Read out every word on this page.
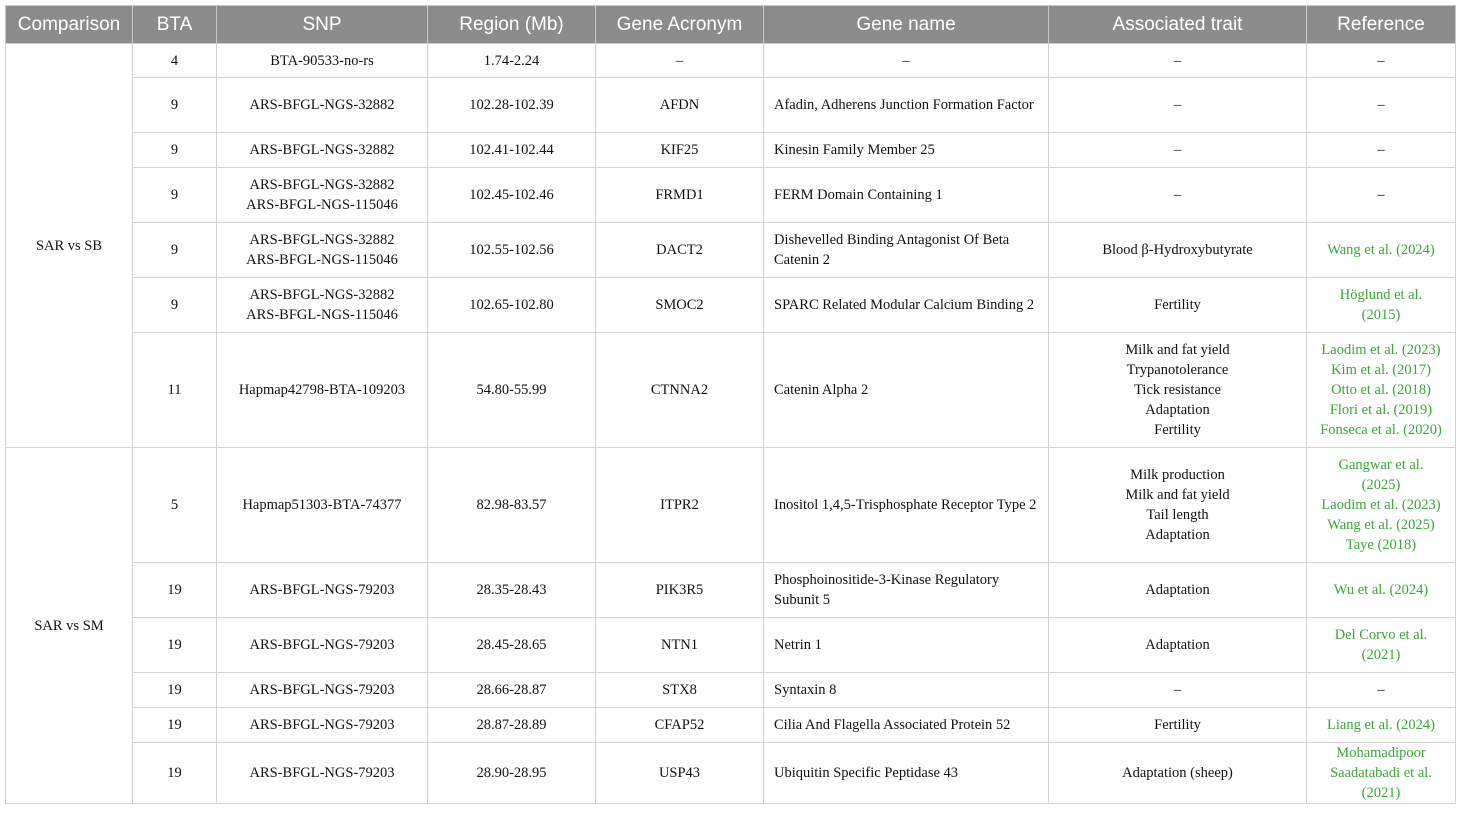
Comparison	BTA	SNP	Region (Mb)	Gene Acronym	Gene name	Associated trait	Reference
SAR vs SB	4	BTA-90533-no-rs	1.74-2.24	–	–	–	–

	9	ARS-BFGL-NGS-32882	102.28-102.39	AFDN	Afadin, Adherens Junction Formation Factor	–	–

	9	ARS-BFGL-NGS-32882	102.41-102.44	KIF25	Kinesin Family Member 25	–	–

	9	ARS-BFGL-NGS-32882
ARS-BFGL-NGS-115046	102.45-102.46	FRMD1	FERM Domain Containing 1	–	–

	9	ARS-BFGL-NGS-32882
ARS-BFGL-NGS-115046	102.55-102.56	DACT2	Dishevelled Binding Antagonist Of Beta Catenin 2	Blood β-Hydroxybutyrate	Wang et al. (2024)

	9	ARS-BFGL-NGS-32882
ARS-BFGL-NGS-115046	102.65-102.80	SMOC2	SPARC Related Modular Calcium Binding 2	Fertility	Höglund et al.
(2015)

	11	Hapmap42798-BTA-109203	54.80-55.99	CTNNA2	Catenin Alpha 2	Milk and fat yield
Trypanotolerance
Tick resistance
Adaptation
Fertility	Laodim et al. (2023)
Kim et al. (2017)
Otto et al. (2018)
Flori et al. (2019)
Fonseca et al. (2020)

SAR vs SM	5	Hapmap51303-BTA-74377	82.98-83.57	ITPR2	Inositol 1,4,5-Trisphosphate Receptor Type 2	Milk production
Milk and fat yield
Tail length
Adaptation	Gangwar et al.
(2025)
Laodim et al. (2023)
Wang et al. (2025)
Taye (2018)

	19	ARS-BFGL-NGS-79203	28.35-28.43	PIK3R5	Phosphoinositide-3-Kinase Regulatory Subunit 5	Adaptation	Wu et al. (2024)

	19	ARS-BFGL-NGS-79203	28.45-28.65	NTN1	Netrin 1	Adaptation	Del Corvo et al.
(2021)

	19	ARS-BFGL-NGS-79203	28.66-28.87	STX8	Syntaxin 8	–	–

	19	ARS-BFGL-NGS-79203	28.87-28.89	CFAP52	Cilia And Flagella Associated Protein 52	Fertility	Liang et al. (2024)

	19	ARS-BFGL-NGS-79203	28.90-28.95	USP43	Ubiquitin Specific Peptidase 43	Adaptation (sheep)	Mohamadipoor
Saadatabadi et al.
(2021)
